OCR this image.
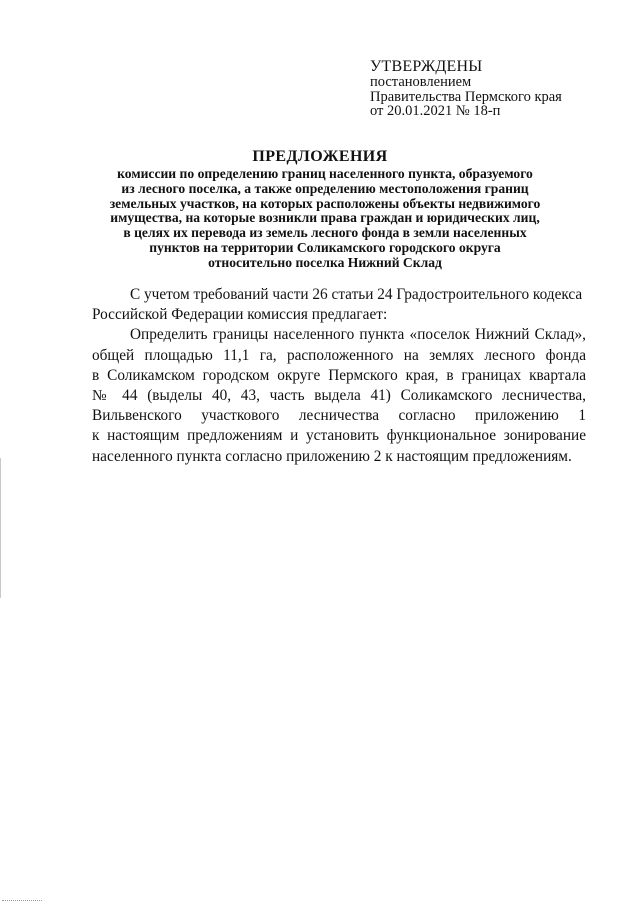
УТВЕРЖДЕНЫ
постановлением
Правительства Пермского края
от 20.01.2021 № 18-п
ПРЕДЛОЖЕНИЯ
комиссии по определению границ населенного пункта, образуемого
из лесного поселка, а также определению местоположения границ
земельных участков, на которых расположены объекты недвижимого
имущества, на которые возникли права граждан и юридических лиц,
в целях их перевода из земель лесного фонда в земли населенных
пунктов на территории Соликамского городского округа
относительно поселка Нижний Склад
С учетом требований части 26 статьи 24 Градостроительного кодекса
Российской Федерации комиссия предлагает:
Определить границы населенного пункта «поселок Нижний Склад»,
общей площадью 11,1 га, расположенного на землях лесного фонда
в Соликамском городском округе Пермского края, в границах квартала
№ 44 (выделы 40, 43, часть выдела 41) Соликамского лесничества,
Вильвенского участкового лесничества согласно приложению 1
к настоящим предложениям и установить функциональное зонирование
населенного пункта согласно приложению 2 к настоящим предложениям.
